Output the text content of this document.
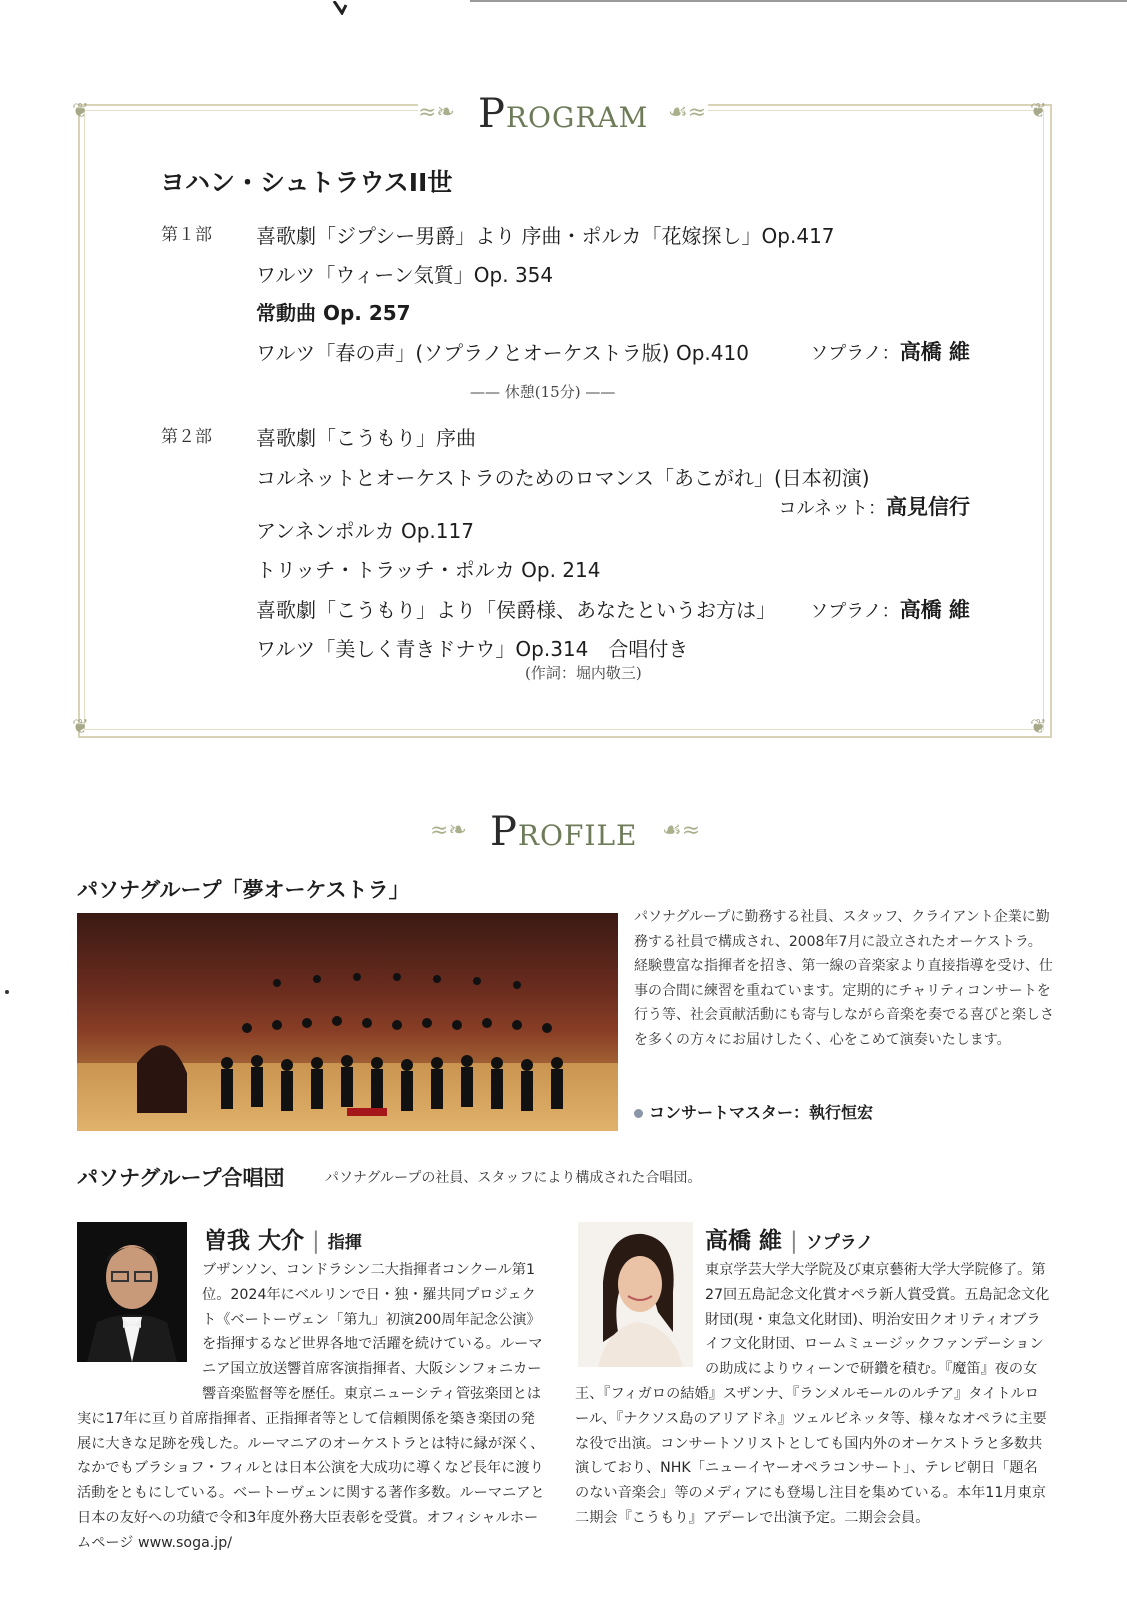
❦	❦
❦	❦
≈❧ PROGRAM ☙≈
ヨハン・シュトラウスII世
第１部 喜歌劇「ジプシー男爵」より 序曲・ポルカ「花嫁探し」Op.417
ワルツ「ウィーン気質」Op. 354
常動曲 Op. 257
ワルツ「春の声」(ソプラノとオーケストラ版) Op.410	ソプラノ：高橋 維
—— 休憩(15分) ——
第２部 喜歌劇「こうもり」序曲
コルネットとオーケストラのためのロマンス「あこがれ」(日本初演)
コルネット：高見信行
アンネンポルカ Op.117
トリッチ・トラッチ・ポルカ Op. 214
喜歌劇「こうもり」より「侯爵様、あなたというお方は」	ソプラノ：高橋 維
ワルツ「美しく青きドナウ」Op.314　合唱付き
(作詞：堀内敬三)
≈❧ PROFILE	☙≈
パソナグループ「夢オーケストラ」
パソナグループに勤務する社員、スタッフ、クライアント企業に勤務する社員で構成され、2008年7月に設立されたオーケストラ。経験豊富な指揮者を招き、第一線の音楽家より直接指導を受け、仕事の合間に練習を重ねています。定期的にチャリティコンサートを行う等、社会貢献活動にも寄与しながら音楽を奏でる喜びと楽しさを多くの方々にお届けしたく、心をこめて演奏いたします。
コンサートマスター：執行恒宏
パソナグループ合唱団	パソナグループの社員、スタッフにより構成された合唱団。
曽我 大介 | 指揮
ブザンソン、コンドラシン二大指揮者コンクール第1位。2024年にベルリンで日・独・羅共同プロジェクト《ベートーヴェン「第九」初演200周年記念公演》を指揮するなど世界各地で活躍を続けている。ルーマニア国立放送響首席客演指揮者、大阪シンフォニカー響音楽監督等を歴任。東京ニューシティ管弦楽団とは実に17年に亘り首席指揮者、正指揮者等として信頼関係を築き楽団の発展に大きな足跡を残した。ルーマニアのオーケストラとは特に縁が深く、なかでもブラショフ・フィルとは日本公演を大成功に導くなど長年に渡り活動をともにしている。ベートーヴェンに関する著作多数。ルーマニアと日本の友好への功績で令和3年度外務大臣表彰を受賞。オフィシャルホームページ www.soga.jp/
高橋 維 | ソプラノ
東京学芸大学大学院及び東京藝術大学大学院修了。第27回五島記念文化賞オペラ新人賞受賞。五島記念文化財団(現・東急文化財団)、明治安田クオリティオブライフ文化財団、ロームミュージックファンデーションの助成によりウィーンで研鑽を積む。『魔笛』夜の女王、『フィガロの結婚』スザンナ、『ランメルモールのルチア』タイトルロール、『ナクソス島のアリアドネ』ツェルビネッタ等、様々なオペラに主要な役で出演。コンサートソリストとしても国内外のオーケストラと多数共演しており、NHK「ニューイヤーオペラコンサート」、テレビ朝日「題名のない音楽会」等のメディアにも登場し注目を集めている。本年11月東京二期会『こうもり』アデーレで出演予定。二期会会員。
